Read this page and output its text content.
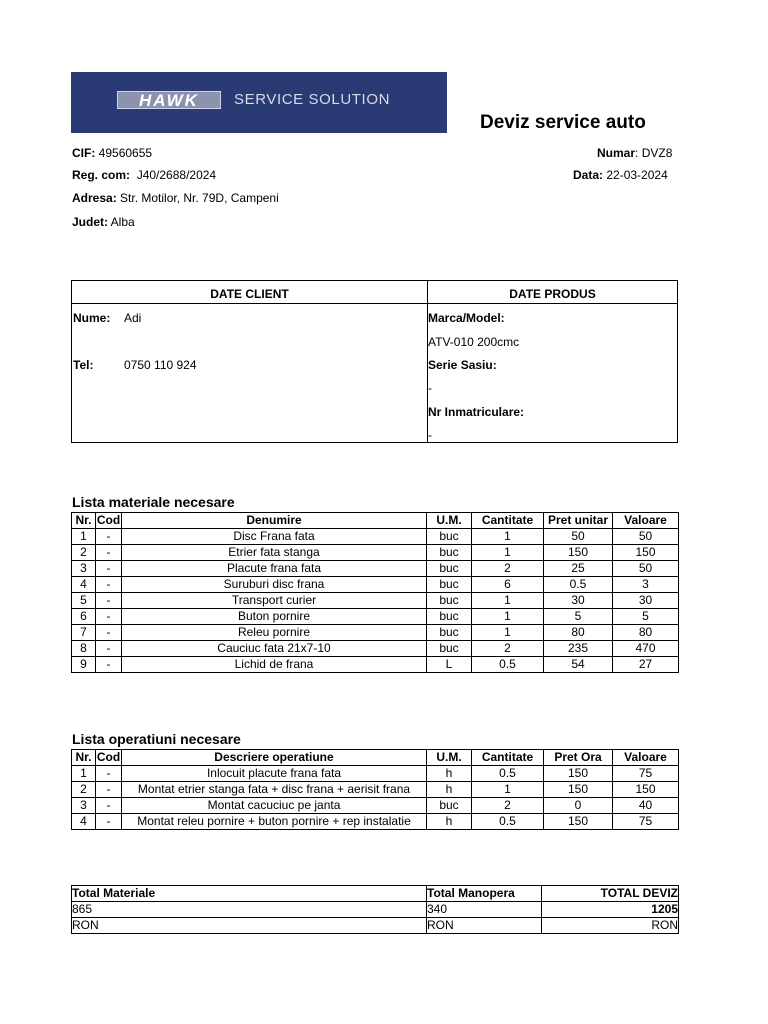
HAWK	SERVICE SOLUTION
Deviz service auto
CIF: 49560655
Reg. com: J40/2688/2024
Adresa: Str. Motilor, Nr. 79D, Campeni
Judet: Alba
Numar: DVZ8
Data: 22-03-2024
DATE CLIENT	DATE PRODUS
Nume: Adi
Tel:	0750 110 924
Marca/Model:
ATV-010 200cmc
Serie Sasiu:
-
Nr Inmatriculare:
-
Lista materiale necesare
Nr.	Cod	Denumire	U.M.	Cantitate	Pret unitar	Valoare
1	-	Disc Frana fata	buc	1	50	50
2	-	Etrier fata stanga	buc	1	150	150
3	-	Placute frana fata	buc	2	25	50
4	-	Suruburi disc frana	buc	6	0.5	3
5	-	Transport curier	buc	1	30	30
6	-	Buton pornire	buc	1	5	5
7	-	Releu pornire	buc	1	80	80
8	-	Cauciuc fata 21x7-10	buc	2	235	470
9	-	Lichid de frana	L	0.5	54	27
Lista operatiuni necesare
Nr.	Cod	Descriere operatiune	U.M.	Cantitate	Pret Ora	Valoare
1	-	Inlocuit placute frana fata	h	0.5	150	75
2	-	Montat etrier stanga fata + disc frana + aerisit frana	h	1	150	150
3	-	Montat cacuciuc pe janta	buc	2	0	40
4	-	Montat releu pornire + buton pornire + rep instalatie	h	0.5	150	75
Total Materiale	Total Manopera	TOTAL DEVIZ
865	340	1205
RON	RON	RON
